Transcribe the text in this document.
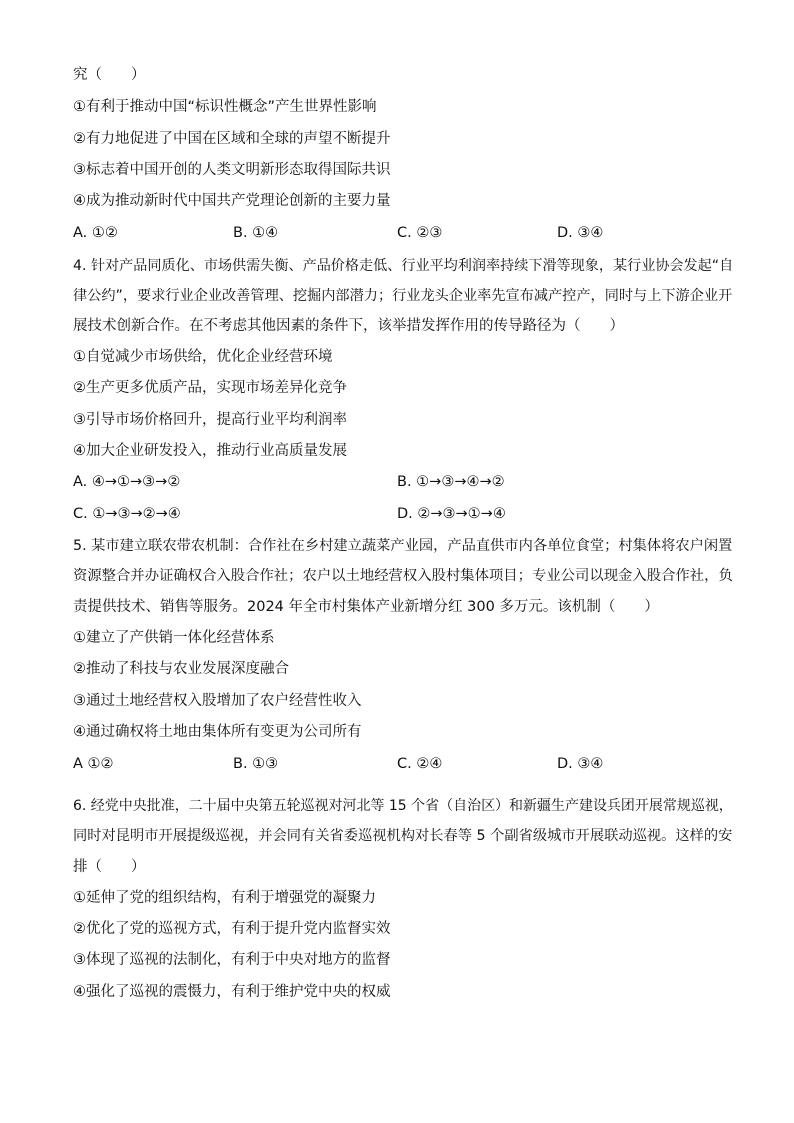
究（　　）
①有利于推动中国“标识性概念”产生世界性影响
②有力地促进了中国在区域和全球的声望不断提升
③标志着中国开创的人类文明新形态取得国际共识
④成为推动新时代中国共产党理论创新的主要力量
A. ①②	B. ①④	C. ②③	D. ③④
4. 针对产品同质化、市场供需失衡、产品价格走低、行业平均利润率持续下滑等现象，某行业协会发起“自
律公约”，要求行业企业改善管理、挖掘内部潜力；行业龙头企业率先宣布减产控产，同时与上下游企业开
展技术创新合作。在不考虑其他因素的条件下，该举措发挥作用的传导路径为（　　）
①自觉减少市场供给，优化企业经营环境
②生产更多优质产品，实现市场差异化竞争
③引导市场价格回升，提高行业平均利润率
④加大企业研发投入，推动行业高质量发展
A. ④→①→③→②	B. ①→③→④→②
C. ①→③→②→④	D. ②→③→①→④
5. 某市建立联农带农机制：合作社在乡村建立蔬菜产业园，产品直供市内各单位食堂；村集体将农户闲置
资源整合并办证确权合入股合作社；农户以土地经营权入股村集体项目；专业公司以现金入股合作社，负
责提供技术、销售等服务。2024 年全市村集体产业新增分红 300 多万元。该机制（　　）
①建立了产供销一体化经营体系
②推动了科技与农业发展深度融合
③通过土地经营权入股增加了农户经营性收入
④通过确权将土地由集体所有变更为公司所有
A ①②	B. ①③	C. ②④	D. ③④
6. 经党中央批准，二十届中央第五轮巡视对河北等 15 个省（自治区）和新疆生产建设兵团开展常规巡视，
同时对昆明市开展提级巡视，并会同有关省委巡视机构对长春等 5 个副省级城市开展联动巡视。这样的安
排（　　）
①延伸了党的组织结构，有利于增强党的凝聚力
②优化了党的巡视方式，有利于提升党内监督实效
③体现了巡视的法制化，有利于中央对地方的监督
④强化了巡视的震慑力，有利于维护党中央的权威
